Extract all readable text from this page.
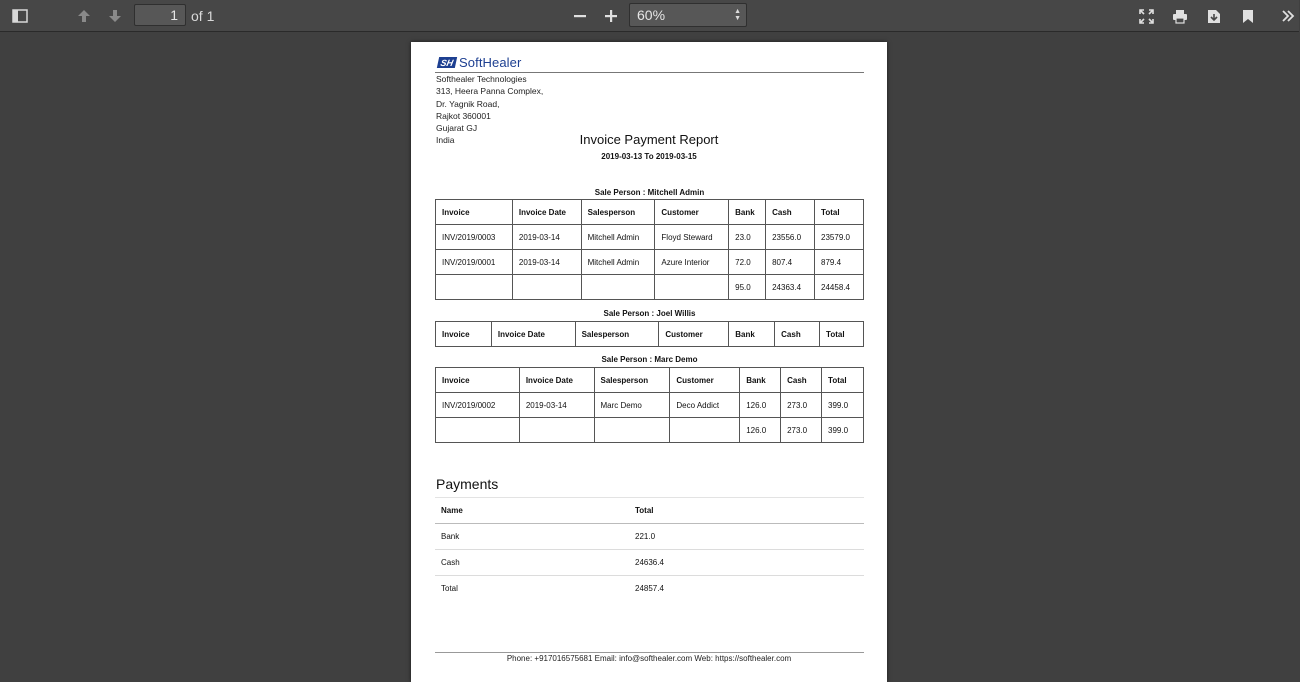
1
of 1	60%	▲
▼
SH SoftHealer
Softhealer Technologies
313, Heera Panna Complex,
Dr. Yagnik Road,
Rajkot 360001
Gujarat GJ
India	Invoice Payment Report
2019-03-13 To 2019-03-15
Sale Person : Mitchell Admin
Invoice	Invoice Date	Salesperson	Customer	Bank	Cash	Total
INV/2019/0003	2019-03-14	Mitchell Admin	Floyd Steward	23.0	23556.0	23579.0
INV/2019/0001	2019-03-14	Mitchell Admin	Azure Interior	72.0	807.4	879.4
				95.0	24363.4	24458.4
Sale Person : Joel Willis
Invoice	Invoice Date	Salesperson	Customer	Bank	Cash	Total
Sale Person : Marc Demo
Invoice	Invoice Date	Salesperson	Customer	Bank	Cash	Total
INV/2019/0002	2019-03-14	Marc Demo	Deco Addict	126.0	273.0	399.0
				126.0	273.0	399.0
Payments
Name	Total
Bank	221.0
Cash	24636.4
Total	24857.4
Phone: +917016575681 Email: info@softhealer.com Web: https://softhealer.com
